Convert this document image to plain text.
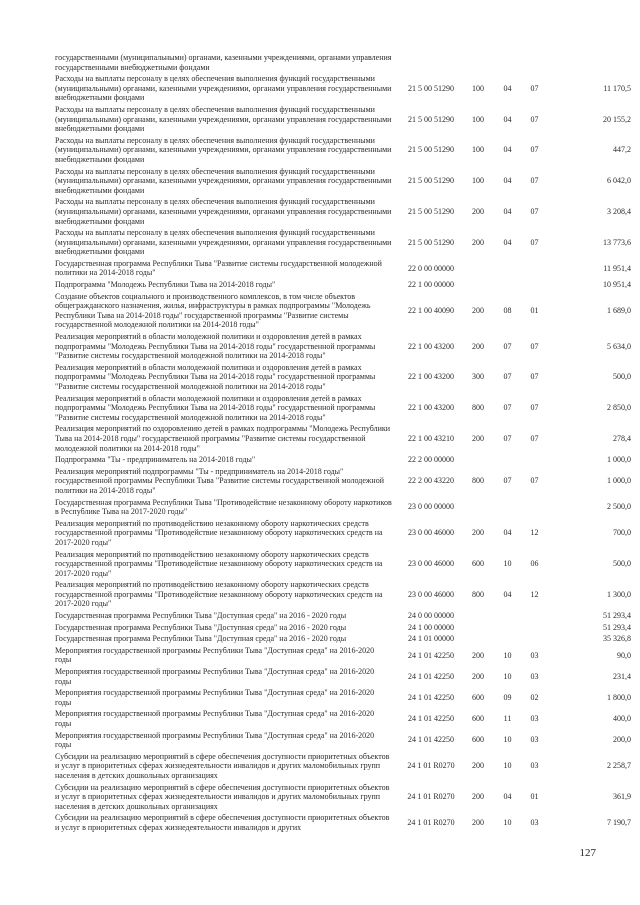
государственными (муниципальными) органами, казенными учреждениями, органами управления государственными внебюджетными фондами					
Расходы на выплаты персоналу в целях обеспечения выполнения функций государственными (муниципальными) органами, казенными учреждениями, органами управления государственными внебюджетными фондами	21 5 00 51290	100	04	07	11 170,5
Расходы на выплаты персоналу в целях обеспечения выполнения функций государственными (муниципальными) органами, казенными учреждениями, органами управления государственными внебюджетными фондами	21 5 00 51290	100	04	07	20 155,2
Расходы на выплаты персоналу в целях обеспечения выполнения функций государственными (муниципальными) органами, казенными учреждениями, органами управления государственными внебюджетными фондами	21 5 00 51290	100	04	07	447,2
Расходы на выплаты персоналу в целях обеспечения выполнения функций государственными (муниципальными) органами, казенными учреждениями, органами управления государственными внебюджетными фондами	21 5 00 51290	100	04	07	6 042,0
Расходы на выплаты персоналу в целях обеспечения выполнения функций государственными (муниципальными) органами, казенными учреждениями, органами управления государственными внебюджетными фондами	21 5 00 51290	200	04	07	3 208,4
Расходы на выплаты персоналу в целях обеспечения выполнения функций государственными (муниципальными) органами, казенными учреждениями, органами управления государственными внебюджетными фондами	21 5 00 51290	200	04	07	13 773,6
Государственная программа Республики Тыва "Развитие системы государственной молодежной политики на 2014-2018 годы"	22 0 00 00000				11 951,4
Подпрограмма "Молодежь Республики Тыва на 2014-2018 годы"	22 1 00 00000				10 951,4
Создание объектов социального и производственного комплексов, в том числе объектов общегражданского назначения, жилья, инфраструктуры в рамках подпрограммы "Молодежь Республики Тыва на 2014-2018 годы" государственной программы "Развитие системы государственной молодежной политики на 2014-2018 годы"	22 1 00 40090	200	08	01	1 689,0
Реализация мероприятий в области молодежной политики и оздоровления детей в рамках подпрограммы "Молодежь Республики Тыва на 2014-2018 годы" государственной программы "Развитие системы государственной молодежной политики на 2014-2018 годы"	22 1 00 43200	200	07	07	5 634,0
Реализация мероприятий в области молодежной политики и оздоровления детей в рамках подпрограммы "Молодежь Республики Тыва на 2014-2018 годы" государственной программы "Развитие системы государственной молодежной политики на 2014-2018 годы"	22 1 00 43200	300	07	07	500,0
Реализация мероприятий в области молодежной политики и оздоровления детей в рамках подпрограммы "Молодежь Республики Тыва на 2014-2018 годы" государственной программы "Развитие системы государственной молодежной политики на 2014-2018 годы"	22 1 00 43200	800	07	07	2 850,0
Реализация мероприятий по оздоровлению детей в рамках подпрограммы "Молодежь Республики Тыва на 2014-2018 годы" государственной программы "Развитие системы государственной молодежной политики на 2014-2018 годы"	22 1 00 43210	200	07	07	278,4
Подпрограмма "Ты - предприниматель на 2014-2018 годы"	22 2 00 00000				1 000,0
Реализация мероприятий подпрограммы "Ты - предприниматель на 2014-2018 годы" государственной программы Республики Тыва "Развитие системы государственной молодежной политики на 2014-2018 годы"	22 2 00 43220	800	07	07	1 000,0
Государственная программа Республики Тыва "Противодействие незаконному обороту наркотиков в Республике Тыва на 2017-2020 годы"	23 0 00 00000				2 500,0
Реализация мероприятий по противодействию незаконному обороту наркотических средств государственной программы "Противодействие незаконному обороту наркотических средств на 2017-2020 годы"	23 0 00 46000	200	04	12	700,0
Реализация мероприятий по противодействию незаконному обороту наркотических средств государственной программы "Противодействие незаконному обороту наркотических средств на 2017-2020 годы"	23 0 00 46000	600	10	06	500,0
Реализация мероприятий по противодействию незаконному обороту наркотических средств государственной программы "Противодействие незаконному обороту наркотических средств на 2017-2020 годы"	23 0 00 46000	800	04	12	1 300,0
Государственная программа Республики Тыва "Доступная среда" на 2016 - 2020 годы	24 0 00 00000				51 293,4
Государственная программа Республики Тыва "Доступная среда" на 2016 - 2020 годы	24 1 00 00000				51 293,4
Государственная программа Республики Тыва "Доступная среда" на 2016 - 2020 годы	24 1 01 00000				35 326,8
Мероприятия государственной программы Республики Тыва "Доступная среда" на 2016-2020 годы	24 1 01 42250	200	10	03	90,0
Мероприятия государственной программы Республики Тыва "Доступная среда" на 2016-2020 годы	24 1 01 42250	200	10	03	231,4
Мероприятия государственной программы Республики Тыва "Доступная среда" на 2016-2020 годы	24 1 01 42250	600	09	02	1 800,0
Мероприятия государственной программы Республики Тыва "Доступная среда" на 2016-2020 годы	24 1 01 42250	600	11	03	400,0
Мероприятия государственной программы Республики Тыва "Доступная среда" на 2016-2020 годы	24 1 01 42250	600	10	03	200,0
Субсидии на реализацию мероприятий в сфере обеспечения доступности приоритетных объектов и услуг в приоритетных сферах жизнедеятельности инвалидов и других маломобильных групп населения в детских дошкольных организациях	24 1 01 R0270	200	10	03	2 258,7
Субсидии на реализацию мероприятий в сфере обеспечения доступности приоритетных объектов и услуг в приоритетных сферах жизнедеятельности инвалидов и других маломобильных групп населения в детских дошкольных организациях	24 1 01 R0270	200	04	01	361,9
Субсидии на реализацию мероприятий в сфере обеспечения доступности приоритетных объектов и услуг в приоритетных сферах жизнедеятельности инвалидов и других	24 1 01 R0270	200	10	03	7 190,7
127
